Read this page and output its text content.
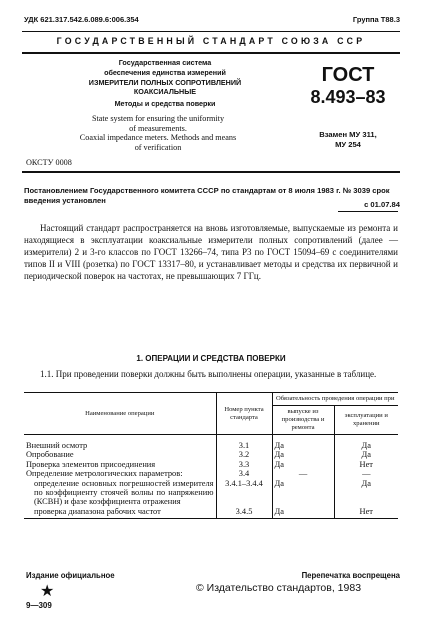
УДК 621.317.542.6.089.6:006.354	Группа Т88.3
ГОСУДАРСТВЕННЫЙ СТАНДАРТ СОЮЗА ССР
Государственная система
обеспечения единства измерений
ИЗМЕРИТЕЛИ ПОЛНЫХ СОПРОТИВЛЕНИЙ
КОАКСИАЛЬНЫЕ
Методы и средства поверки
State system for ensuring the uniformity
of measurements.
Coaxial impedance meters. Methods and means
of verification
ГОСТ
8.493–83
Взамен МУ 311,
МУ 254
ОКСТУ 0008
Постановлением Государственного комитета СССР по стандартам от 8 июля 1983 г. № 3039 срок введения установлен	с 01.07.84
Настоящий стандарт распространяется на вновь изготовляемые, выпускаемые из ремонта и находящиеся в эксплуатации коаксиальные измерители полных сопротивлений (далее — измерители) 2 и 3-го классов по ГОСТ 13266–74, типа Р3 по ГОСТ 15094–69 с соединителями типов II и VIII (розетка) по ГОСТ 13317–80, и устанавливает методы и средства их первичной и периодической поверок на частотах, не превышающих 7 ГГц.
1. ОПЕРАЦИИ И СРЕДСТВА ПОВЕРКИ
1.1. При проведении поверки должны быть выполнены операции, указанные в таблице.
Наименование операции	Номер пункта стандарта	Обязательность проведения операции при	
		выпуске из производства и ремонта	эксплуатации и хранении
Внешний осмотр	3.1	Да	Да
Опробование	3.2	Да	Да
Проверка элементов присоединения	3.3	Да	Нет
Определение метрологических параметров:	3.4	—	—
определение основных погрешностей измерителя по коэффициенту стоячей волны по напряжению (КСВН) и фазе коэффициента отражения	3.4.1–3.4.4	Да	Да
проверка диапазона рабочих частот	3.4.5	Да	Нет
Издание официальное	Перепечатка воспрещена
★	© Издательство стандартов, 1983
9—309
